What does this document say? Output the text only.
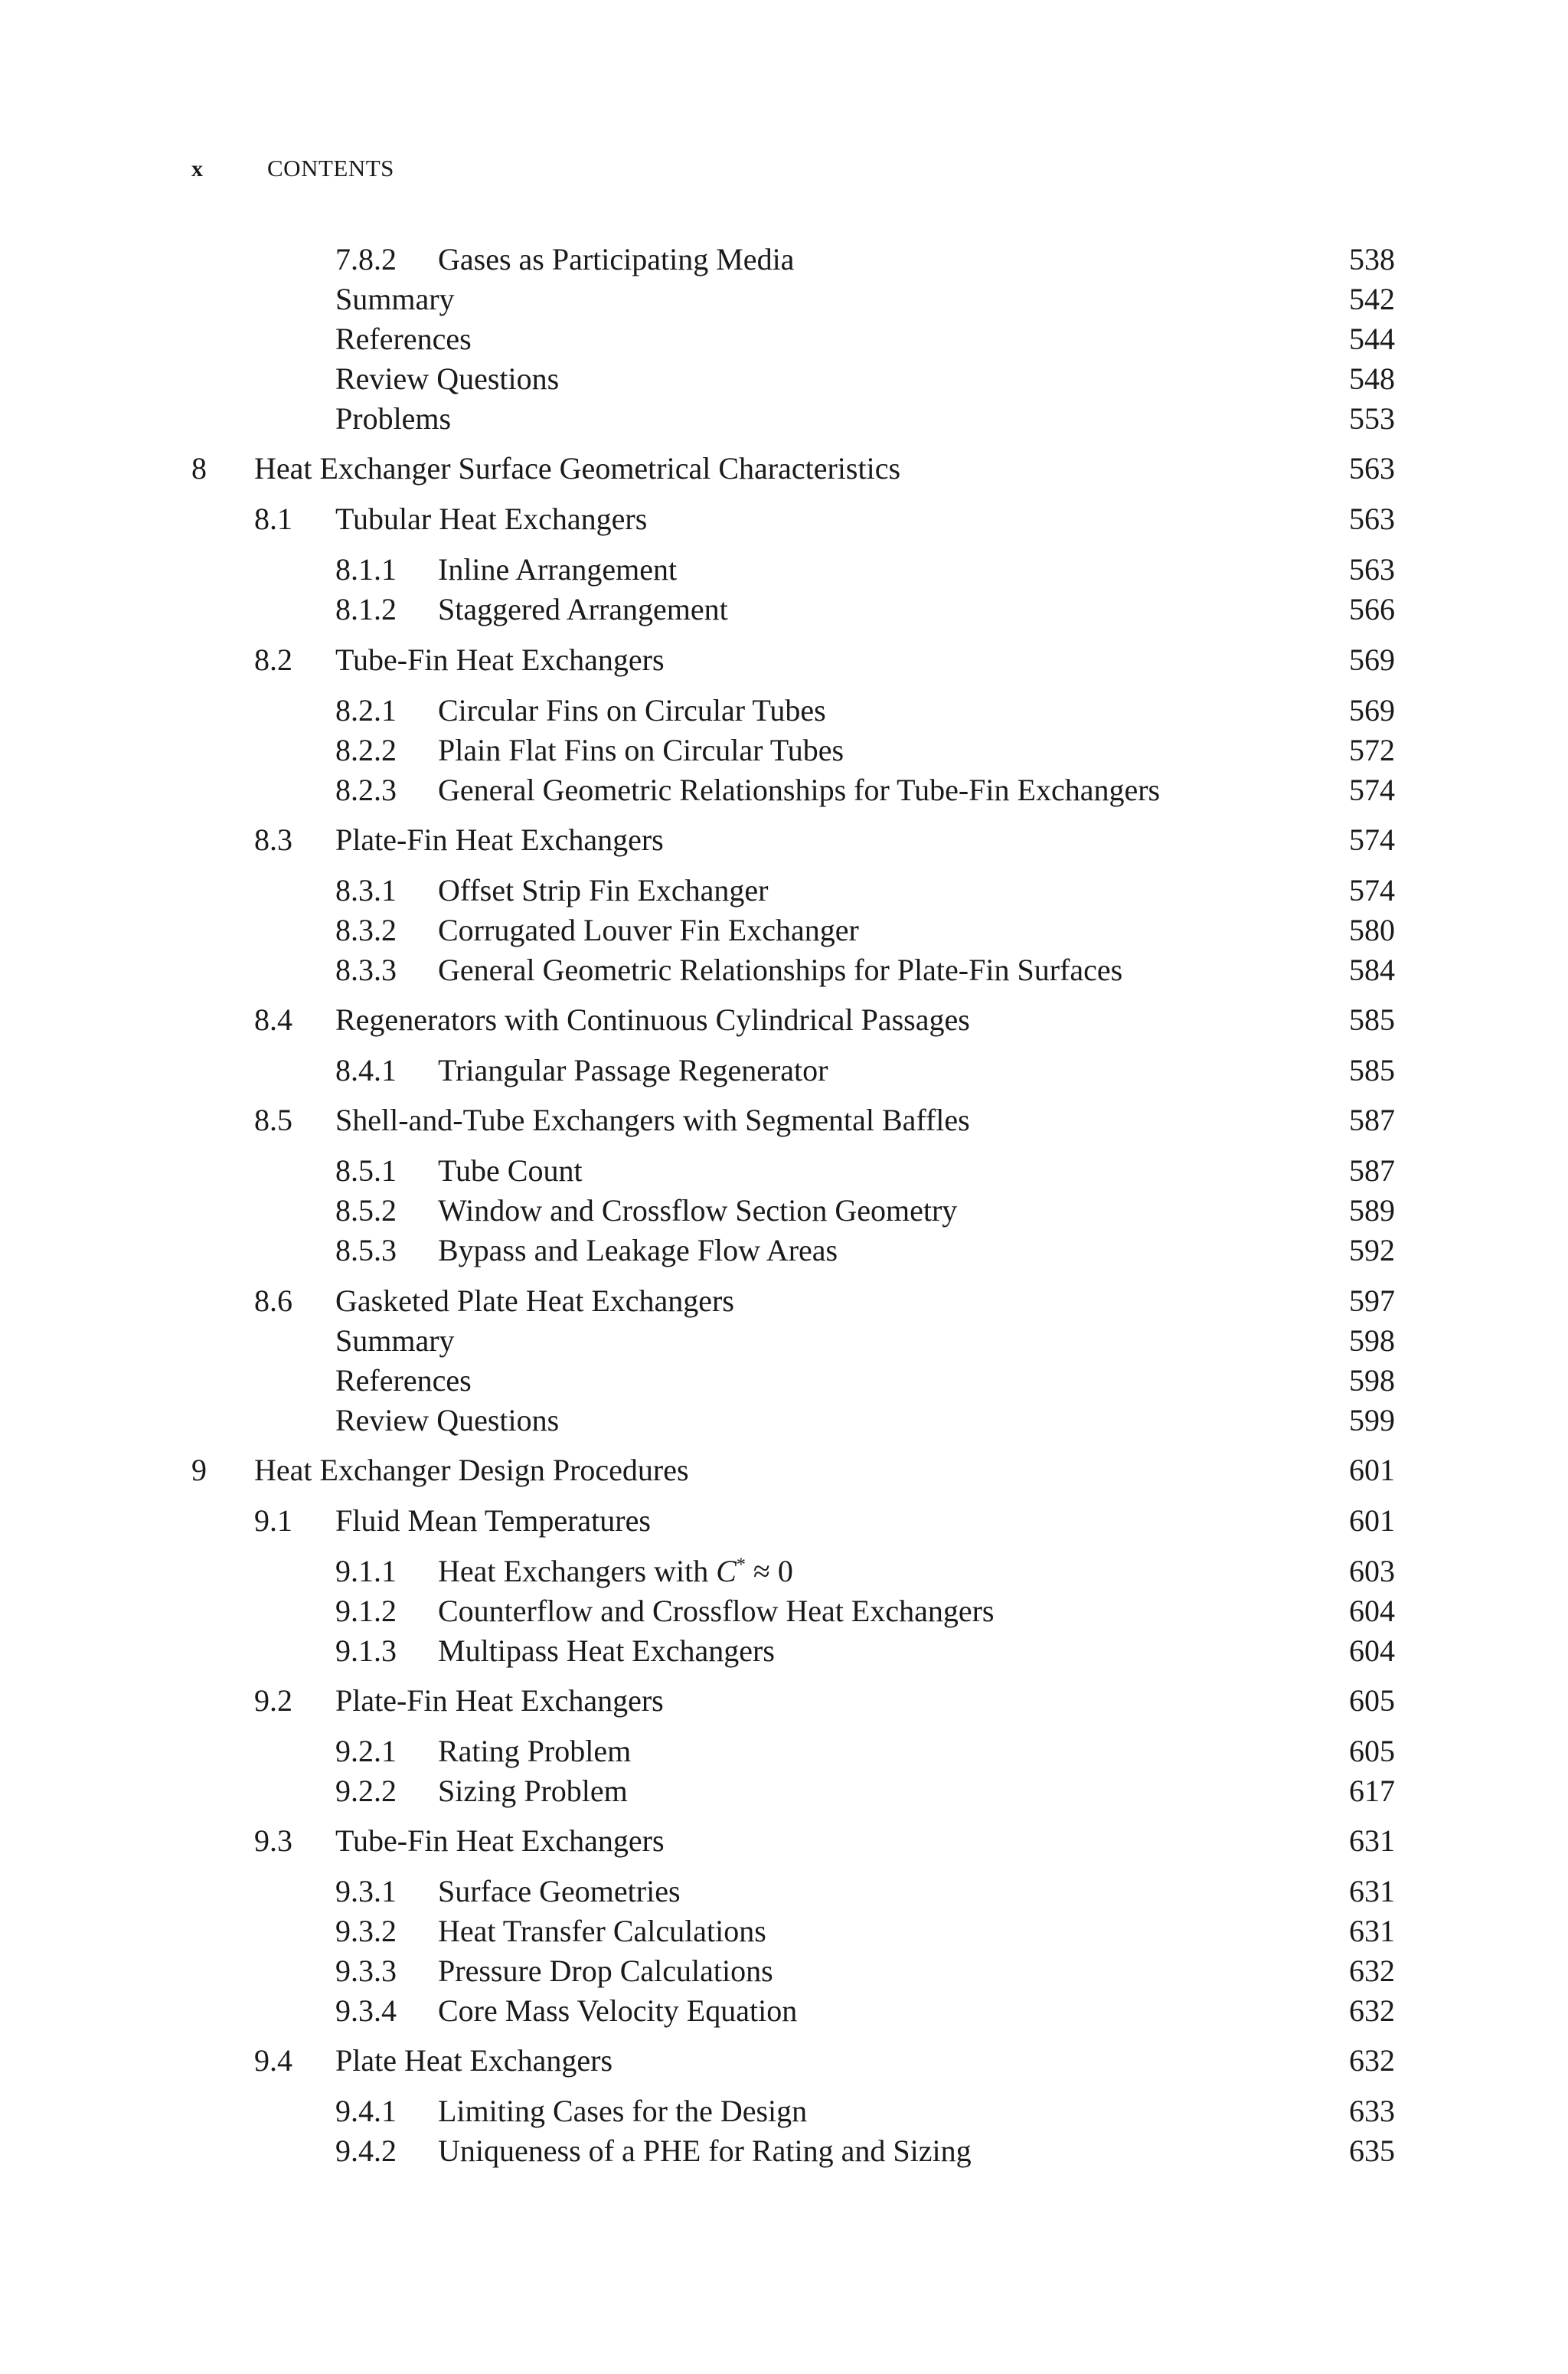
x	CONTENTS
7.8.2 Gases as Participating Media	538
Summary	542
References	544
Review Questions	548
Problems	553
8 Heat Exchanger Surface Geometrical Characteristics	563
8.1 Tubular Heat Exchangers	563
8.1.1 Inline Arrangement	563
8.1.2 Staggered Arrangement	566
8.2 Tube-Fin Heat Exchangers	569
8.2.1 Circular Fins on Circular Tubes	569
8.2.2 Plain Flat Fins on Circular Tubes	572
8.2.3 General Geometric Relationships for Tube-Fin Exchangers	574
8.3 Plate-Fin Heat Exchangers	574
8.3.1 Offset Strip Fin Exchanger	574
8.3.2 Corrugated Louver Fin Exchanger	580
8.3.3 General Geometric Relationships for Plate-Fin Surfaces	584
8.4 Regenerators with Continuous Cylindrical Passages	585
8.4.1 Triangular Passage Regenerator	585
8.5 Shell-and-Tube Exchangers with Segmental Baffles	587
8.5.1 Tube Count	587
8.5.2 Window and Crossflow Section Geometry	589
8.5.3 Bypass and Leakage Flow Areas	592
8.6 Gasketed Plate Heat Exchangers	597
Summary	598
References	598
Review Questions	599
9 Heat Exchanger Design Procedures	601
9.1 Fluid Mean Temperatures	601
9.1.1 Heat Exchangers with C* ≈ 0	603
9.1.2 Counterflow and Crossflow Heat Exchangers	604
9.1.3 Multipass Heat Exchangers	604
9.2 Plate-Fin Heat Exchangers	605
9.2.1 Rating Problem	605
9.2.2 Sizing Problem	617
9.3 Tube-Fin Heat Exchangers	631
9.3.1 Surface Geometries	631
9.3.2 Heat Transfer Calculations	631
9.3.3 Pressure Drop Calculations	632
9.3.4 Core Mass Velocity Equation	632
9.4 Plate Heat Exchangers	632
9.4.1 Limiting Cases for the Design	633
9.4.2 Uniqueness of a PHE for Rating and Sizing	635
